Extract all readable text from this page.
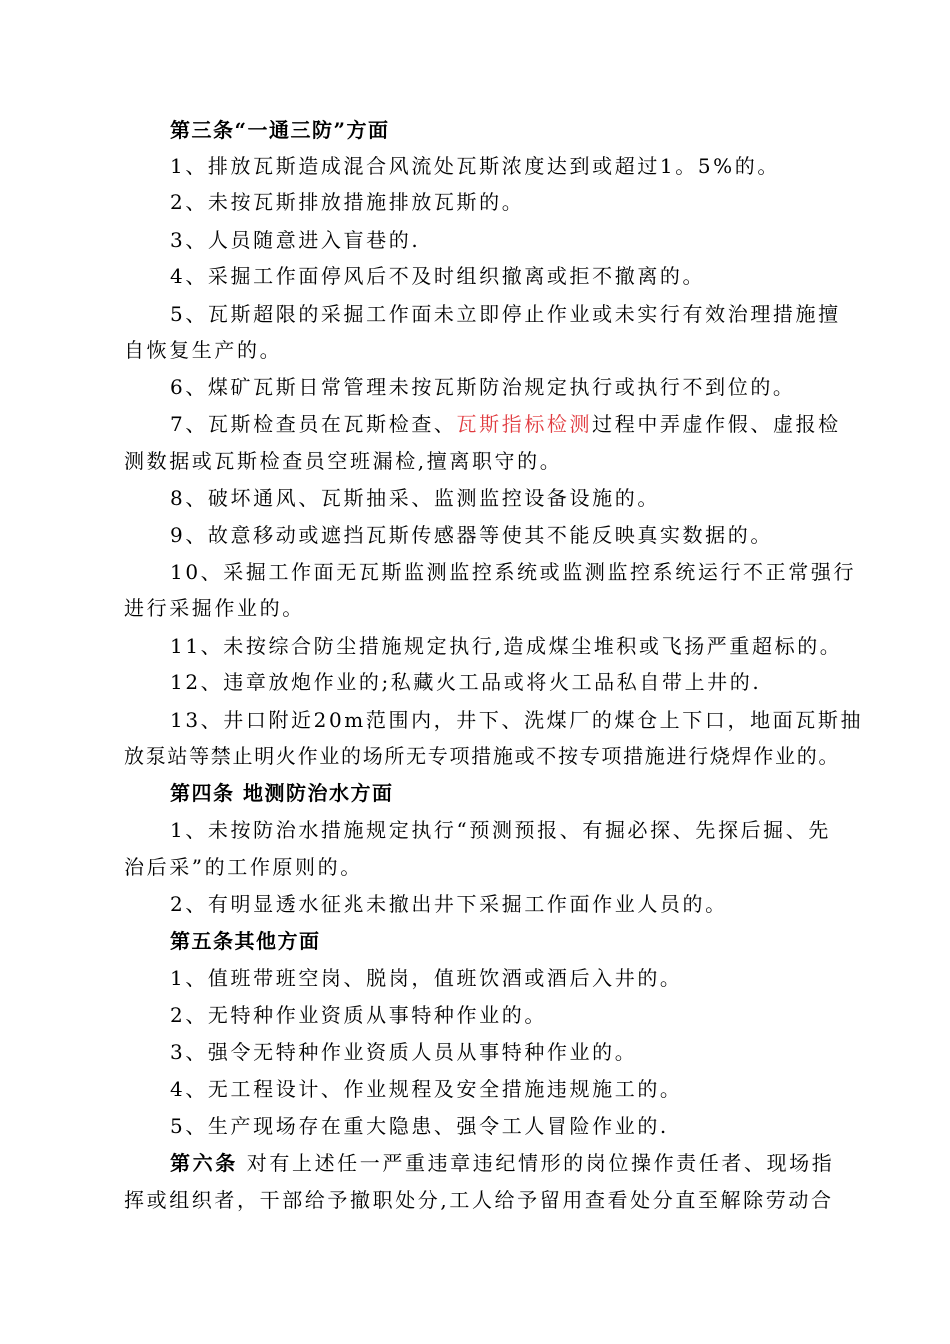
第三条“一通三防”方面
1、排放瓦斯造成混合风流处瓦斯浓度达到或超过1。5%的。
2、未按瓦斯排放措施排放瓦斯的。
3、人员随意进入盲巷的.
4、采掘工作面停风后不及时组织撤离或拒不撤离的。
5、瓦斯超限的采掘工作面未立即停止作业或未实行有效治理措施擅
自恢复生产的。
6、煤矿瓦斯日常管理未按瓦斯防治规定执行或执行不到位的。
7、瓦斯检查员在瓦斯检查、瓦斯指标检测过程中弄虚作假、虚报检
测数据或瓦斯检查员空班漏检,擅离职守的。
8、破坏通风、瓦斯抽采、监测监控设备设施的。
9、故意移动或遮挡瓦斯传感器等使其不能反映真实数据的。
10、采掘工作面无瓦斯监测监控系统或监测监控系统运行不正常强行
进行采掘作业的。
11、未按综合防尘措施规定执行,造成煤尘堆积或飞扬严重超标的。
12、违章放炮作业的;私藏火工品或将火工品私自带上井的.
13、井口附近20m范围内，井下、洗煤厂的煤仓上下口，地面瓦斯抽
放泵站等禁止明火作业的场所无专项措施或不按专项措施进行烧焊作业的。
第四条 地测防治水方面
1、未按防治水措施规定执行“预测预报、有掘必探、先探后掘、先
治后采”的工作原则的。
2、有明显透水征兆未撤出井下采掘工作面作业人员的。
第五条其他方面
1、值班带班空岗、脱岗，值班饮酒或酒后入井的。
2、无特种作业资质从事特种作业的。
3、强令无特种作业资质人员从事特种作业的。
4、无工程设计、作业规程及安全措施违规施工的。
5、生产现场存在重大隐患、强令工人冒险作业的.
第六条 对有上述任一严重违章违纪情形的岗位操作责任者、现场指
挥或组织者，干部给予撤职处分,工人给予留用查看处分直至解除劳动合
